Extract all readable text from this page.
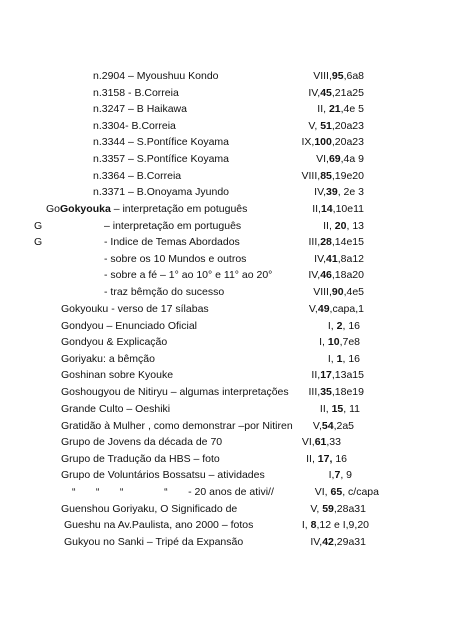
n.2904 – Myoushuu Kondo	VIII,95,6a8
n.3158 - B.Correia	IV,45,21a25
n.3247 – B Haikawa	II, 21,4e 5
n.3304- B.Correia	V, 51,20a23
n.3344 – S.Pontífice Koyama	IX,100,20a23
n.3357 – S.Pontífice Koyama	VI,69,4a 9
n.3364 – B.Correia	VIII,85,19e20
n.3371 – B.Onoyama Jyundo	IV,39, 2e 3
GoGokyouka – interpretação em potuguês	II,14,10e11
G	– interpretação em português	II, 20, 13
G	- Indice de Temas Abordados	III,28,14e15
- sobre os 10 Mundos e outros	IV,41,8a12
- sobre a fé – 1° ao 10° e 11° ao 20°	IV,46,18a20
- traz bêmção do sucesso	VIII,90,4e5
Gokyouku - verso de 17 sílabas	V,49,capa,1
Gondyou – Enunciado Oficial	I, 2, 16
Gondyou & Explicação	I, 10,7e8
Goriyaku: a bêmção	I, 1, 16
Goshinan sobre Kyouke	II,17,13a15
Goshougyou de Nitiryu – algumas interpretações III,35,18e19
Grande Culto – Oeshiki	II, 15, 11
Gratidão à Mulher , como demonstrar –por Nitiren V,54,2a5
Grupo de Jovens da década de 70	VI,61,33
Grupo de Tradução da HBS – foto	II, 17, 16
Grupo de Voluntários Bossatsu – atividades	I,7, 9
“       “       “              “       - 20 anos de ativi//	VI, 65, c/capa
Guenshou Goriyaku, O Significado de	V, 59,28a31
Gueshu na Av.Paulista, ano 2000 – fotos	I, 8,12 e I,9,20
Gukyou no Sanki – Tripé da Expansão	IV,42,29a31
